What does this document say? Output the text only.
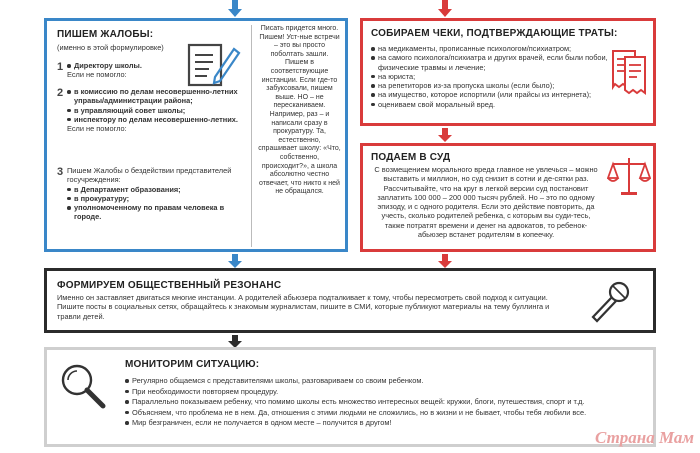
ПИШЕМ ЖАЛОБЫ:
(именно в этой формулировке)
1	Директору школы.
Если не помогло:
2	в комиссию по делам несовершенно-летних управы/администрации района;
в управляющий совет школы;
инспектору по делам несовершенно-летних.
Если не помогло:
3 Пишем Жалобы о бездействии представителей госучреждения:
в Департамент образования;
в прокуратуру;
уполномоченному по правам человека в городе.
Писать придется много. Пишем! Уст-ные встречи – это вы просто поболтать зашли. Пишем в соответствующие инстанции. Если где-то забуксовали, пишем выше. НО – не пересканиваем. Например, раз – и написали сразу в прокуратуру. Та, естественно, спрашивает школу: «Что, собственно, происходит?», а школа абсолютно честно отвечает, что никто к ней не обращался.
СОБИРАЕМ ЧЕКИ, ПОДТВЕРЖДАЮЩИЕ ТРАТЫ:
на медикаменты, прописанные психологом/психиатром;
на самого психолога/психиатра и других врачей, если были побои, физические травмы и лечение;
на юриста;
на репетиторов из-за пропуска школы (если было);
на имущество, которое испортили (или прайсы из интернета);
оцениваем свой моральный вред.
ПОДАЕМ В СУД
С возмещением морального вреда главное не увлечься – можно выставить и миллион, но суд снизит в сотни и де-сятки раз. Рассчитывайте, что на круг в легкой версии суд постановит заплатить 100 000 – 200 000 тысяч рублей. Но – это по одному эпизоду, и с одного родителя. Если это действие повторить, да учесть, сколько родителей ребенка, с которым вы суди-тесь, также потратят времени и денег на адвокатов, то ребенок-абьюзер встанет родителям в копеечку.
ФОРМИРУЕМ ОБЩЕСТВЕННЫЙ РЕЗОНАНС
Именно он заставляет двигаться многие инстанции. А родителей абьюзера подталкивает к тому, чтобы пересмотреть свой подход к ситуации. Пишите посты в социальных сетях, обращайтесь к знакомым журналистам, пишите в СМИ, которые публикуют материалы на тему буллинга и травли детей.
МОНИТОРИМ СИТУАЦИЮ:
Регулярно общаемся с представителями школы, разговариваем со своим ребенком.
При необходимости повторяем процедуру.
Параллельно показываем ребенку, что помимо школы есть множество интересных вещей: кружки, блоги, путешествия, спорт и т.д.
Объясняем, что проблема не в нем. Да, отношения с этими людьми не сложились, но в жизни и не бывает, чтобы тебя любили все.
Мир безграничен, если не получается в одном месте – получится в другом!
Страна Мам
